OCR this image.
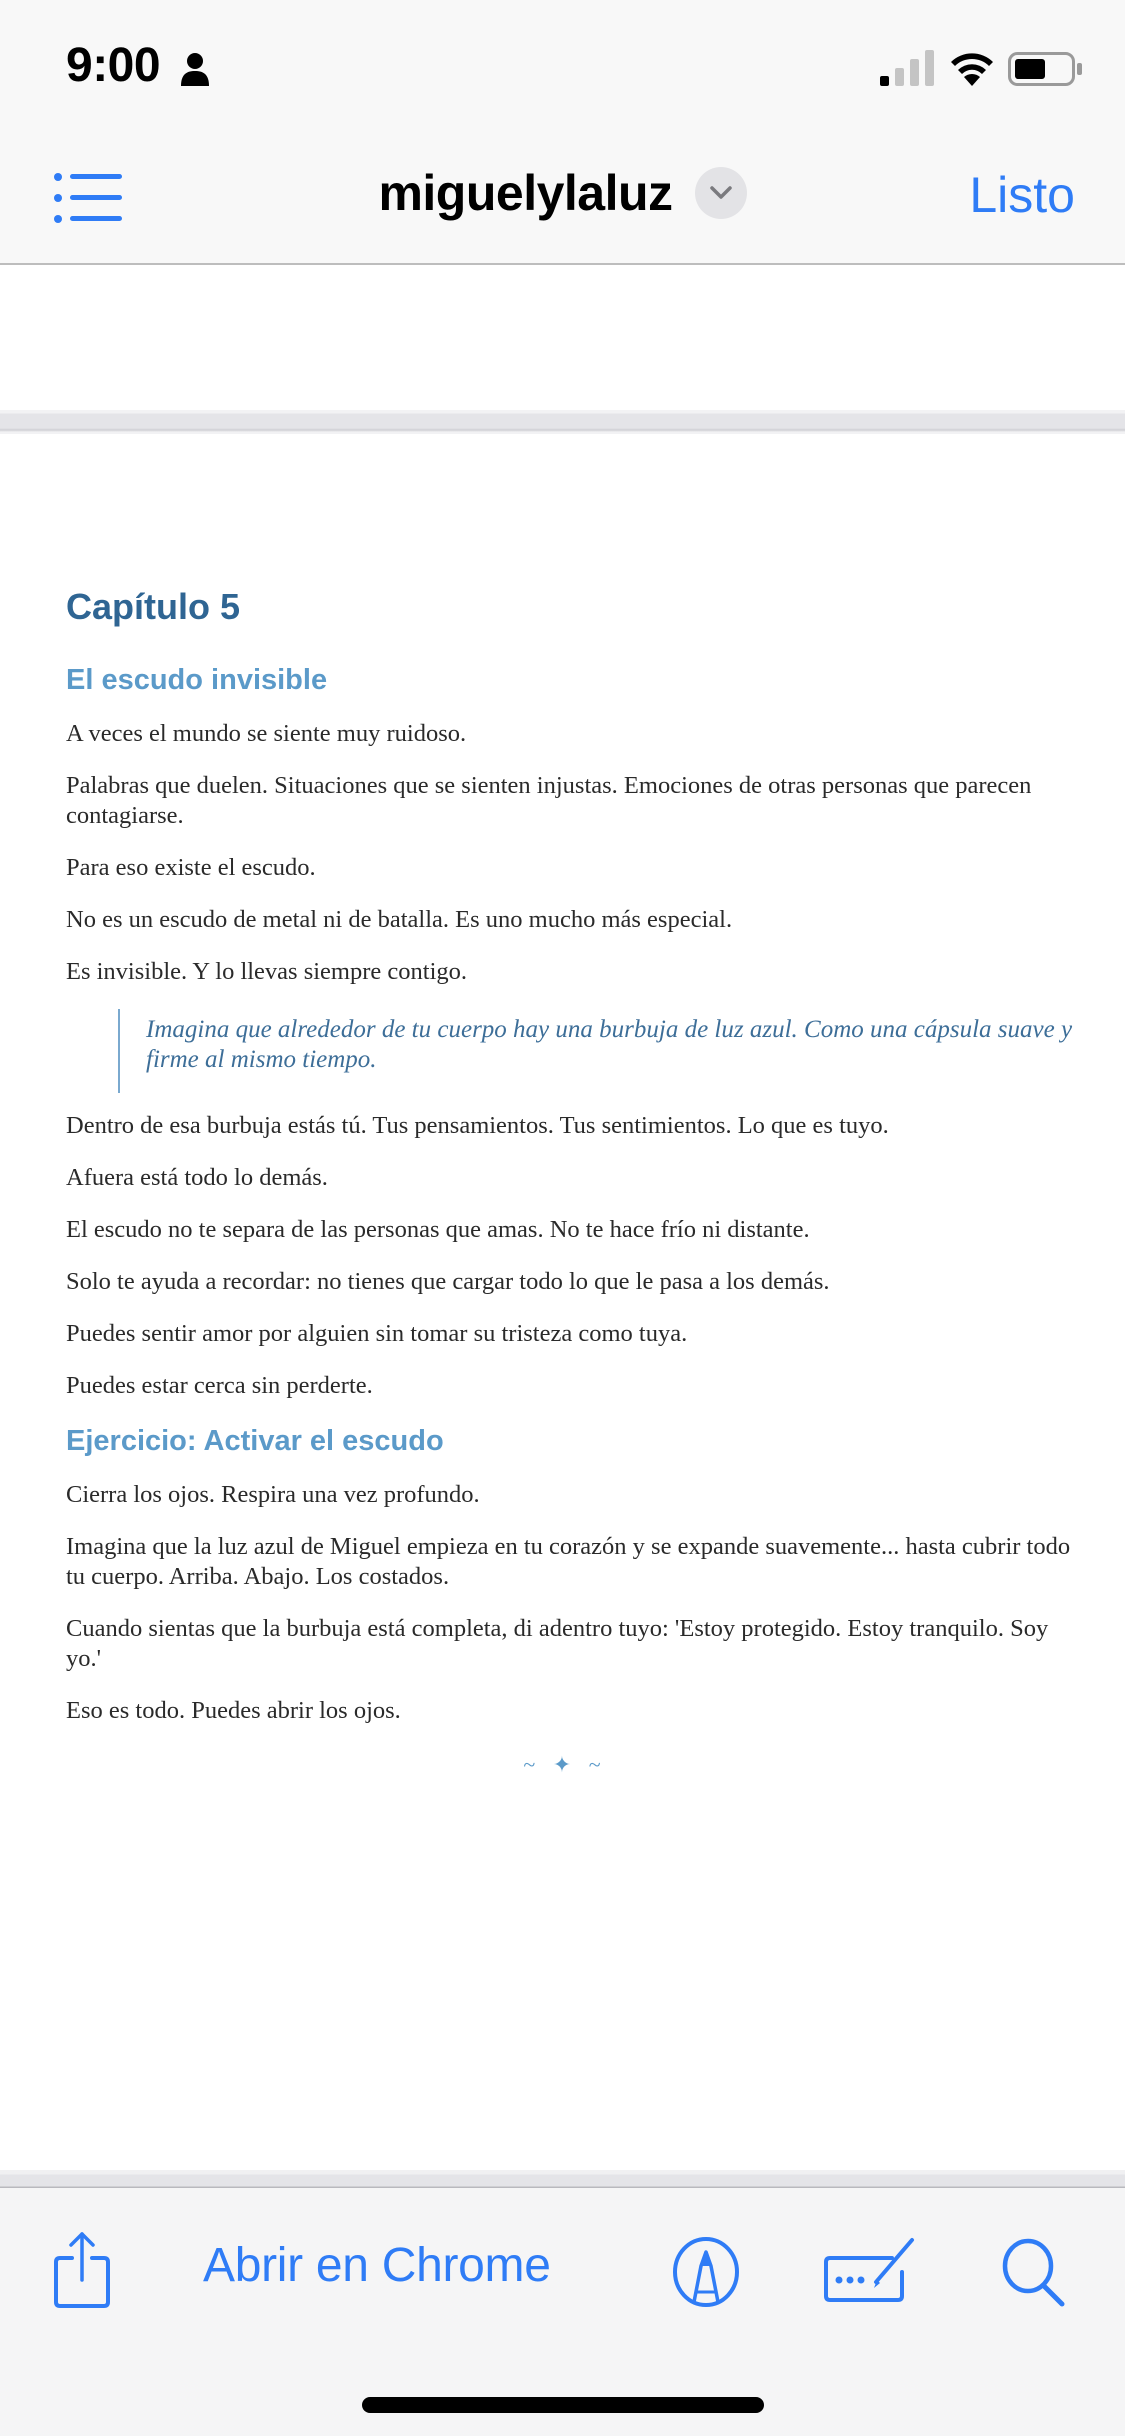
9:00
miguelylaluz	Listo
Capítulo 5
El escudo invisible

A veces el mundo se siente muy ruidoso.

Palabras que duelen. Situaciones que se sienten injustas. Emociones de otras personas que parecen contagiarse.

Para eso existe el escudo.

No es un escudo de metal ni de batalla. Es uno mucho más especial.

Es invisible. Y lo llevas siempre contigo.

Imagina que alrededor de tu cuerpo hay una burbuja de luz azul. Como una cápsula suave y firme al mismo tiempo.

Dentro de esa burbuja estás tú. Tus pensamientos. Tus sentimientos. Lo que es tuyo.

Afuera está todo lo demás.

El escudo no te separa de las personas que amas. No te hace frío ni distante.

Solo te ayuda a recordar: no tienes que cargar todo lo que le pasa a los demás.

Puedes sentir amor por alguien sin tomar su tristeza como tuya.

Puedes estar cerca sin perderte.

Ejercicio: Activar el escudo

Cierra los ojos. Respira una vez profundo.

Imagina que la luz azul de Miguel empieza en tu corazón y se expande suavemente... hasta cubrir todo tu cuerpo. Arriba. Abajo. Los costados.

Cuando sientas que la burbuja está completa, di adentro tuyo: 'Estoy protegido. Estoy tranquilo. Soy yo.'

Eso es todo. Puedes abrir los ojos.

~ ✦ ~
Abrir en Chrome
